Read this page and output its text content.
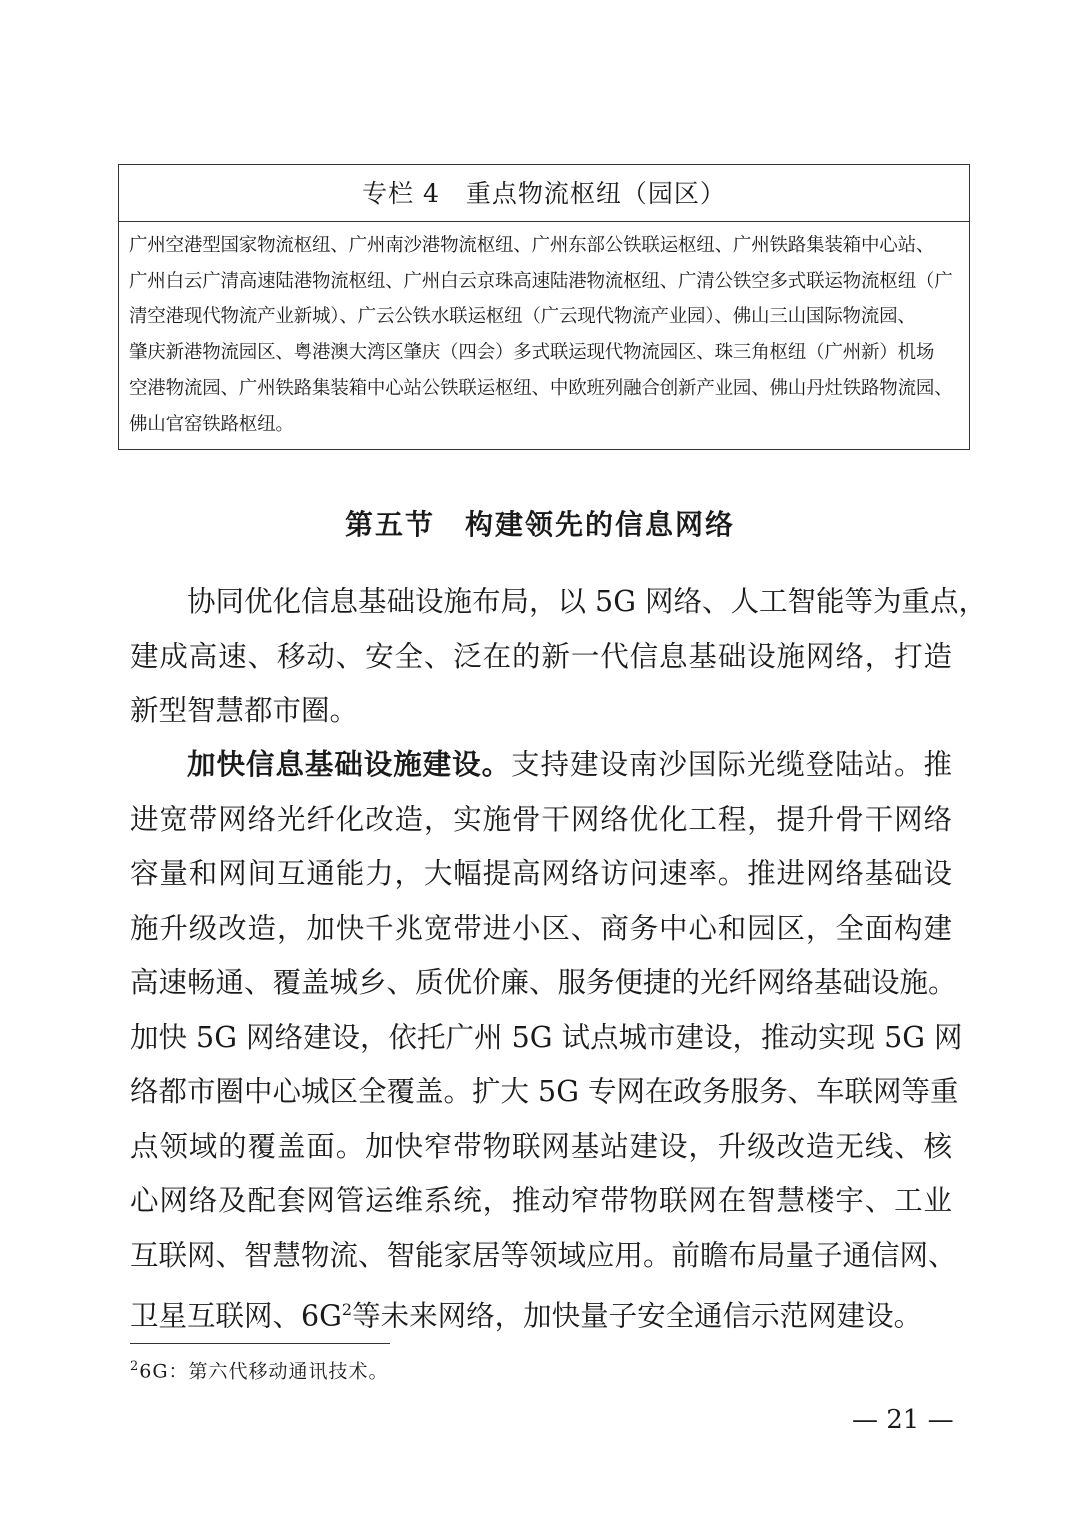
专栏 4　重点物流枢纽（园区）
广州空港型国家物流枢纽、广州南沙港物流枢纽、广州东部公铁联运枢纽、广州铁路集装箱中心站、
广州白云广清高速陆港物流枢纽、广州白云京珠高速陆港物流枢纽、广清公铁空多式联运物流枢纽（广
清空港现代物流产业新城）、广云公铁水联运枢纽（广云现代物流产业园）、佛山三山国际物流园、
肇庆新港物流园区、粤港澳大湾区肇庆（四会）多式联运现代物流园区、珠三角枢纽（广州新）机场
空港物流园、广州铁路集装箱中心站公铁联运枢纽、中欧班列融合创新产业园、佛山丹灶铁路物流园、
佛山官窑铁路枢纽。
第五节　构建领先的信息网络
协同优化信息基础设施布局，以 5G 网络、人工智能等为重点，
建成高速、移动、安全、泛在的新一代信息基础设施网络，打造
新型智慧都市圈。
加快信息基础设施建设。支持建设南沙国际光缆登陆站。推
进宽带网络光纤化改造，实施骨干网络优化工程，提升骨干网络
容量和网间互通能力，大幅提高网络访问速率。推进网络基础设
施升级改造，加快千兆宽带进小区、商务中心和园区，全面构建
高速畅通、覆盖城乡、质优价廉、服务便捷的光纤网络基础设施。
加快 5G 网络建设，依托广州 5G 试点城市建设，推动实现 5G 网
络都市圈中心城区全覆盖。扩大 5G 专网在政务服务、车联网等重
点领域的覆盖面。加快窄带物联网基站建设，升级改造无线、核
心网络及配套网管运维系统，推动窄带物联网在智慧楼宇、工业
互联网、智慧物流、智能家居等领域应用。前瞻布局量子通信网、
卫星互联网、$6G^2$等未来网络，加快量子安全通信示范网建设。
$^2$6G：第六代移动通讯技术。
— 21 —
